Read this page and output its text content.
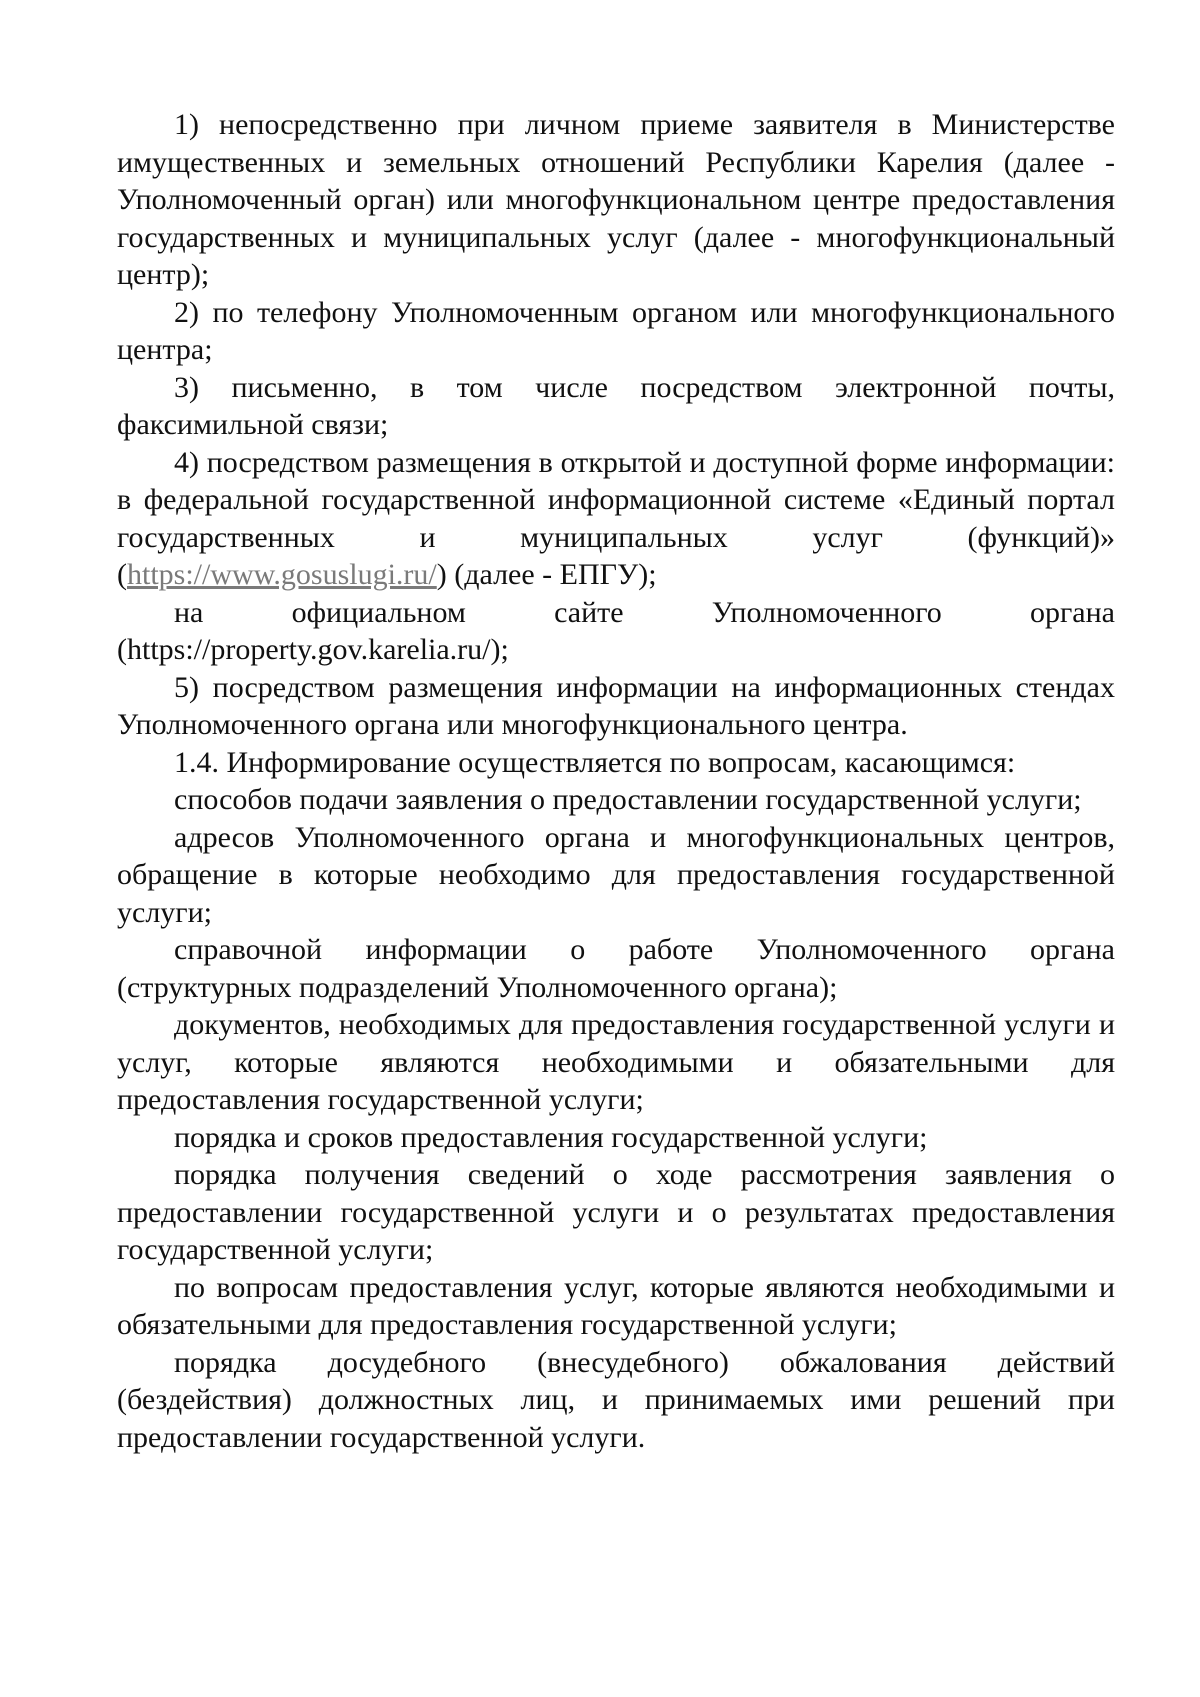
1) непосредственно при личном приеме заявителя в Министерстве имущественных и земельных отношений Республики Карелия (далее - Уполномоченный орган) или многофункциональном центре предоставления государственных и муниципальных услуг (далее - многофункциональный центр);

2) по телефону Уполномоченным органом или многофункционального центра;

3) письменно, в том числе посредством электронной почты, факсимильной связи;

4) посредством размещения в открытой и доступной форме информации: в федеральной государственной информационной системе «Единый портал государственных и муниципальных услуг (функций)»

(https://www.gosuslugi.ru/) (далее - ЕПГУ);

на официальном сайте Уполномоченного органа (https://property.gov.karelia.ru/);

5) посредством размещения информации на информационных стендах Уполномоченного органа или многофункционального центра.

1.4. Информирование осуществляется по вопросам, касающимся:

способов подачи заявления о предоставлении государственной услуги;

адресов Уполномоченного органа и многофункциональных центров, обращение в которые необходимо для предоставления государственной услуги;

справочной информации о работе Уполномоченного органа (структурных подразделений Уполномоченного органа);

документов, необходимых для предоставления государственной услуги и услуг, которые являются необходимыми и обязательными для предоставления государственной услуги;

порядка и сроков предоставления государственной услуги;

порядка получения сведений о ходе рассмотрения заявления о предоставлении государственной услуги и о результатах предоставления государственной услуги;

по вопросам предоставления услуг, которые являются необходимыми и обязательными для предоставления государственной услуги;

порядка досудебного (внесудебного) обжалования действий (бездействия) должностных лиц, и принимаемых ими решений при предоставлении государственной услуги.
